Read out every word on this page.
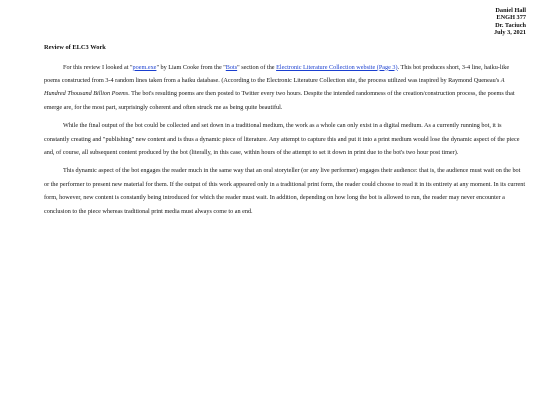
Daniel Hall
ENGH 377
Dr. Taciuch
July 3, 2021
Review of ELC3 Work

For this review I looked at "poem.exe" by Liam Cooke from the "Bots" section of the Electronic Literature Collection website (Page 3). This bot produces short, 3-4 line, haiku-like poems constructed from 3-4 random lines taken from a haiku database. (According to the Electronic Literature Collection site, the process utilized was inspired by Raymond Queneau's A Hundred Thousand Billion Poems. The bot's resulting poems are then posted to Twitter every two hours. Despite the intended randomness of the creation/construction process, the poems that emerge are, for the most part, surprisingly coherent and often struck me as being quite beautiful.

While the final output of the bot could be collected and set down in a traditional medium, the work as a whole can only exist in a digital medium. As a currently running bot, it is constantly creating and "publishing" new content and is thus a dynamic piece of literature. Any attempt to capture this and put it into a print medium would lose the dynamic aspect of the piece and, of course, all subsequent content produced by the bot (literally, in this case, within hours of the attempt to set it down in print due to the bot's two hour post timer).

This dynamic aspect of the bot engages the reader much in the same way that an oral storyteller (or any live performer) engages their audience: that is, the audience must wait on the bot or the performer to present new material for them. If the output of this work appeared only in a traditional print form, the reader could choose to read it in its entirety at any moment. In its current form, however, new content is constantly being introduced for which the reader must wait. In addition, depending on how long the bot is allowed to run, the reader may never encounter a conclusion to the piece whereas traditional print media must always come to an end.
